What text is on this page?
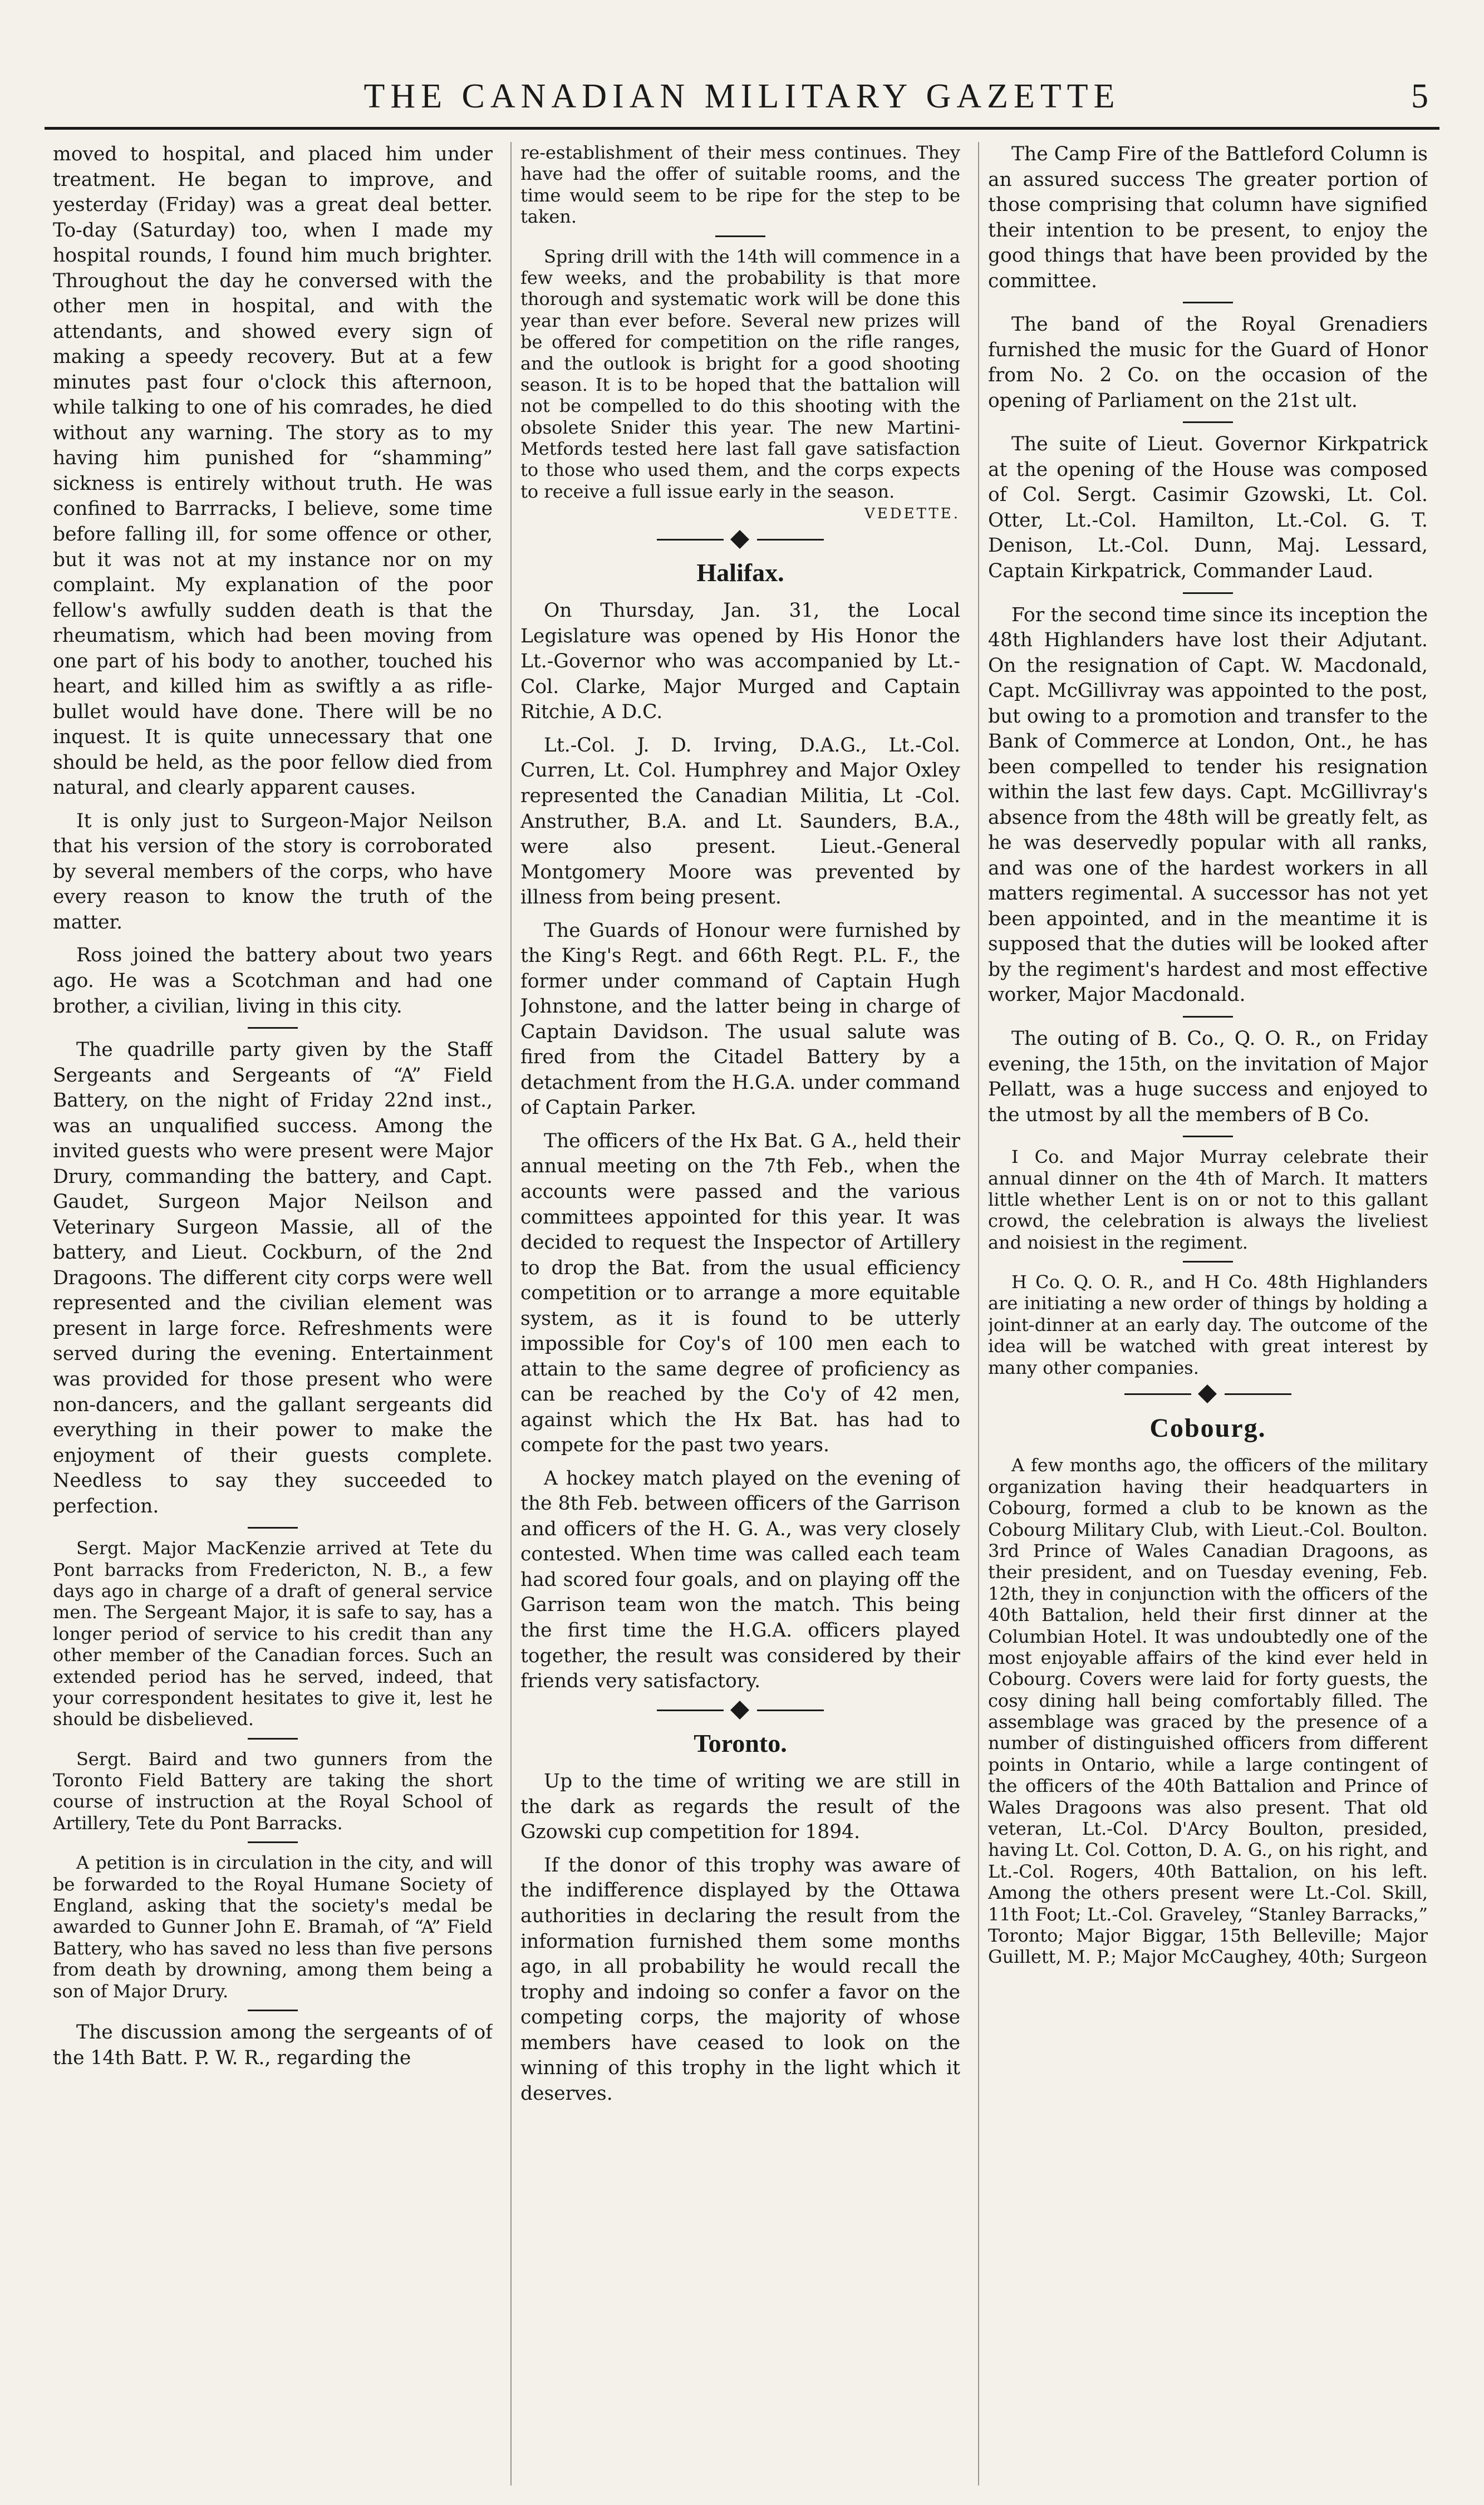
THE CANADIAN MILITARY GAZETTE	5

moved to hospital, and placed him under treatment. He began to improve, and yesterday (Friday) was a great deal better. To-day (Saturday) too, when I made my hospital rounds, I found him much brighter. Throughout the day he conversed with the other men in hospital, and with the attendants, and showed every sign of making a speedy recovery. But at a few minutes past four o'clock this afternoon, while talking to one of his comrades, he died without any warning. The story as to my having him punished for “shamming” sickness is entirely without truth. He was confined to Barrracks, I believe, some time before falling ill, for some offence or other, but it was not at my instance nor on my complaint. My explanation of the poor fellow's awfully sudden death is that the rheumatism, which had been moving from one part of his body to another, touched his heart, and killed him as swiftly a as rifle-bullet would have done. There will be no inquest. It is quite unnecessary that one should be held, as the poor fellow died from natural, and clearly apparent causes.

It is only just to Surgeon-Major Neilson that his version of the story is corroborated by several members of the corps, who have every reason to know the truth of the matter.

Ross joined the battery about two years ago. He was a Scotchman and had one brother, a civilian, living in this city.

The quadrille party given by the Staff Sergeants and Sergeants of “A” Field Battery, on the night of Friday 22nd inst., was an unqualified success. Among the invited guests who were present were Major Drury, commanding the battery, and Capt. Gaudet, Surgeon Major Neilson and Veterinary Surgeon Massie, all of the battery, and Lieut. Cockburn, of the 2nd Dragoons. The different city corps were well represented and the civilian element was present in large force. Refreshments were served during the evening. Entertainment was provided for those present who were non-dancers, and the gallant sergeants did everything in their power to make the enjoyment of their guests complete. Needless to say they succeeded to perfection.

Sergt. Major MacKenzie arrived at Tete du Pont barracks from Fredericton, N. B., a few days ago in charge of a draft of general service men. The Sergeant Major, it is safe to say, has a longer period of service to his credit than any other member of the Canadian forces. Such an extended period has he served, indeed, that your correspondent hesitates to give it, lest he should be disbelieved.

Sergt. Baird and two gunners from the Toronto Field Battery are taking the short course of instruction at the Royal School of Artillery, Tete du Pont Barracks.

A petition is in circulation in the city, and will be forwarded to the Royal Humane Society of England, asking that the society's medal be awarded to Gunner John E. Bramah, of “A” Field Battery, who has saved no less than five persons from death by drowning, among them being a son of Major Drury.

The discussion among the sergeants of of the 14th Batt. P. W. R., regarding the

re-establishment of their mess continues. They have had the offer of suitable rooms, and the time would seem to be ripe for the step to be taken.

Spring drill with the 14th will commence in a few weeks, and the probability is that more thorough and systematic work will be done this year than ever before. Several new prizes will be offered for competition on the rifle ranges, and the outlook is bright for a good shooting season. It is to be hoped that the battalion will not be compelled to do this shooting with the obsolete Snider this year. The new Martini-Metfords tested here last fall gave satisfaction to those who used them, and the corps expects to receive a full issue early in the season.

VEDETTE.
Halifax.

On Thursday, Jan. 31, the Local Legislature was opened by His Honor the Lt.-Governor who was accompanied by Lt.-Col. Clarke, Major Murged and Captain Ritchie, A D.C.

Lt.-Col. J. D. Irving, D.A.G., Lt.-Col. Curren, Lt. Col. Humphrey and Major Oxley represented the Canadian Militia, Lt -Col. Anstruther, B.A. and Lt. Saunders, B.A., were also present. Lieut.-General Montgomery Moore was prevented by illness from being present.

The Guards of Honour were furnished by the King's Regt. and 66th Regt. P.L. F., the former under command of Captain Hugh Johnstone, and the latter being in charge of Captain Davidson. The usual salute was fired from the Citadel Battery by a detachment from the H.G.A. under command of Captain Parker.

The officers of the Hx Bat. G A., held their annual meeting on the 7th Feb., when the accounts were passed and the various committees appointed for this year. It was decided to request the Inspector of Artillery to drop the Bat. from the usual efficiency competition or to arrange a more equitable system, as it is found to be utterly impossible for Coy's of 100 men each to attain to the same degree of proficiency as can be reached by the Co'y of 42 men, against which the Hx Bat. has had to compete for the past two years.

A hockey match played on the evening of the 8th Feb. between officers of the Garrison and officers of the H. G. A., was very closely contested. When time was called each team had scored four goals, and on playing off the Garrison team won the match. This being the first time the H.G.A. officers played together, the result was considered by their friends very satisfactory.

Toronto.

Up to the time of writing we are still in the dark as regards the result of the Gzowski cup competition for 1894.

If the donor of this trophy was aware of the indifference displayed by the Ottawa authorities in declaring the result from the information furnished them some months ago, in all probability he would recall the trophy and indoing so confer a favor on the competing corps, the majority of whose members have ceased to look on the winning of this trophy in the light which it deserves.

The Camp Fire of the Battleford Column is an assured success The greater portion of those comprising that column have signified their intention to be present, to enjoy the good things that have been provided by the committee.

The band of the Royal Grenadiers furnished the music for the Guard of Honor from No. 2 Co. on the occasion of the opening of Parliament on the 21st ult.

The suite of Lieut. Governor Kirkpatrick at the opening of the House was composed of Col. Sergt. Casimir Gzowski, Lt. Col. Otter, Lt.-Col. Hamilton, Lt.-Col. G. T. Denison, Lt.-Col. Dunn, Maj. Lessard, Captain Kirkpatrick, Commander Laud.

For the second time since its inception the 48th Highlanders have lost their Adjutant. On the resignation of Capt. W. Macdonald, Capt. McGillivray was appointed to the post, but owing to a promotion and transfer to the Bank of Commerce at London, Ont., he has been compelled to tender his resignation within the last few days. Capt. McGillivray's absence from the 48th will be greatly felt, as he was deservedly popular with all ranks, and was one of the hardest workers in all matters regimental. A successor has not yet been appointed, and in the meantime it is supposed that the duties will be looked after by the regiment's hardest and most effective worker, Major Macdonald.

The outing of B. Co., Q. O. R., on Friday evening, the 15th, on the invitation of Major Pellatt, was a huge success and enjoyed to the utmost by all the members of B Co.

I Co. and Major Murray celebrate their annual dinner on the 4th of March. It matters little whether Lent is on or not to this gallant crowd, the celebration is always the liveliest and noisiest in the regiment.

H Co. Q. O. R., and H Co. 48th Highlanders are initiating a new order of things by holding a joint-dinner at an early day. The outcome of the idea will be watched with great interest by many other companies.

Cobourg.

A few months ago, the officers of the military organization having their headquarters in Cobourg, formed a club to be known as the Cobourg Military Club, with Lieut.-Col. Boulton. 3rd Prince of Wales Canadian Dragoons, as their president, and on Tuesday evening, Feb. 12th, they in conjunction with the officers of the 40th Battalion, held their first dinner at the Columbian Hotel. It was undoubtedly one of the most enjoyable affairs of the kind ever held in Cobourg. Covers were laid for forty guests, the cosy dining hall being comfortably filled. The assemblage was graced by the presence of a number of distinguished officers from different points in Ontario, while a large contingent of the officers of the 40th Battalion and Prince of Wales Dragoons was also present. That old veteran, Lt.-Col. D'Arcy Boulton, presided, having Lt. Col. Cotton, D. A. G., on his right, and Lt.-Col. Rogers, 40th Battalion, on his left. Among the others present were Lt.-Col. Skill, 11th Foot; Lt.-Col. Graveley, “Stanley Barracks,” Toronto; Major Biggar, 15th Belleville; Major Guillett, M. P.; Major McCaughey, 40th; Surgeon
